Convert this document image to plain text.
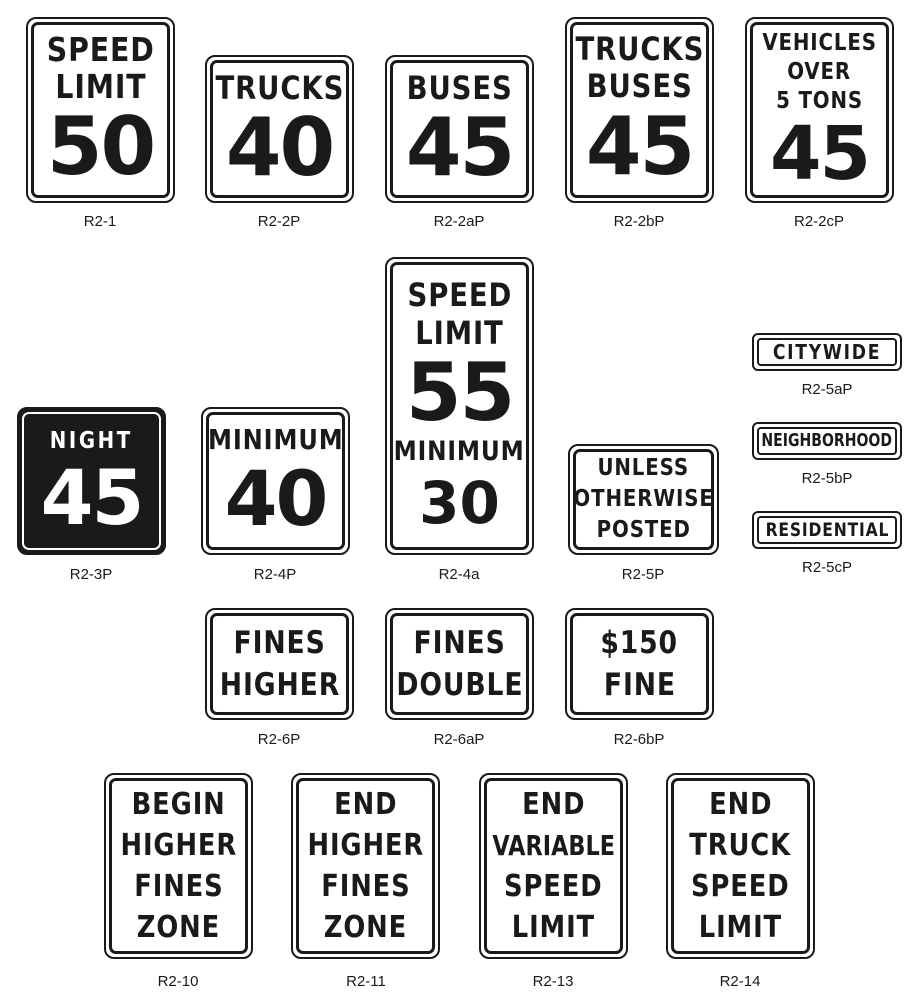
SPEED
LIMIT
50
R2-1
TRUCKS
40
R2-2P
BUSES
45
R2-2aP
TRUCKS
BUSES
45
R2-2bP
VEHICLES
OVER
5 TONS
45
R2-2cP
NIGHT
45
R2-3P
MINIMUM
40
R2-4P
SPEED
LIMIT
55
MINIMUM
30
R2-4a
UNLESS
OTHERWISE
POSTED
R2-5P
CITYWIDE
R2-5aP
NEIGHBORHOOD
R2-5bP
RESIDENTIAL
R2-5cP
FINES
HIGHER
R2-6P
FINES
DOUBLE
R2-6aP
$150
FINE
R2-6bP
BEGIN
HIGHER
FINES
ZONE
R2-10
END
HIGHER
FINES
ZONE
R2-11
END
VARIABLE
SPEED
LIMIT
R2-13
END
TRUCK
SPEED
LIMIT
R2-14
